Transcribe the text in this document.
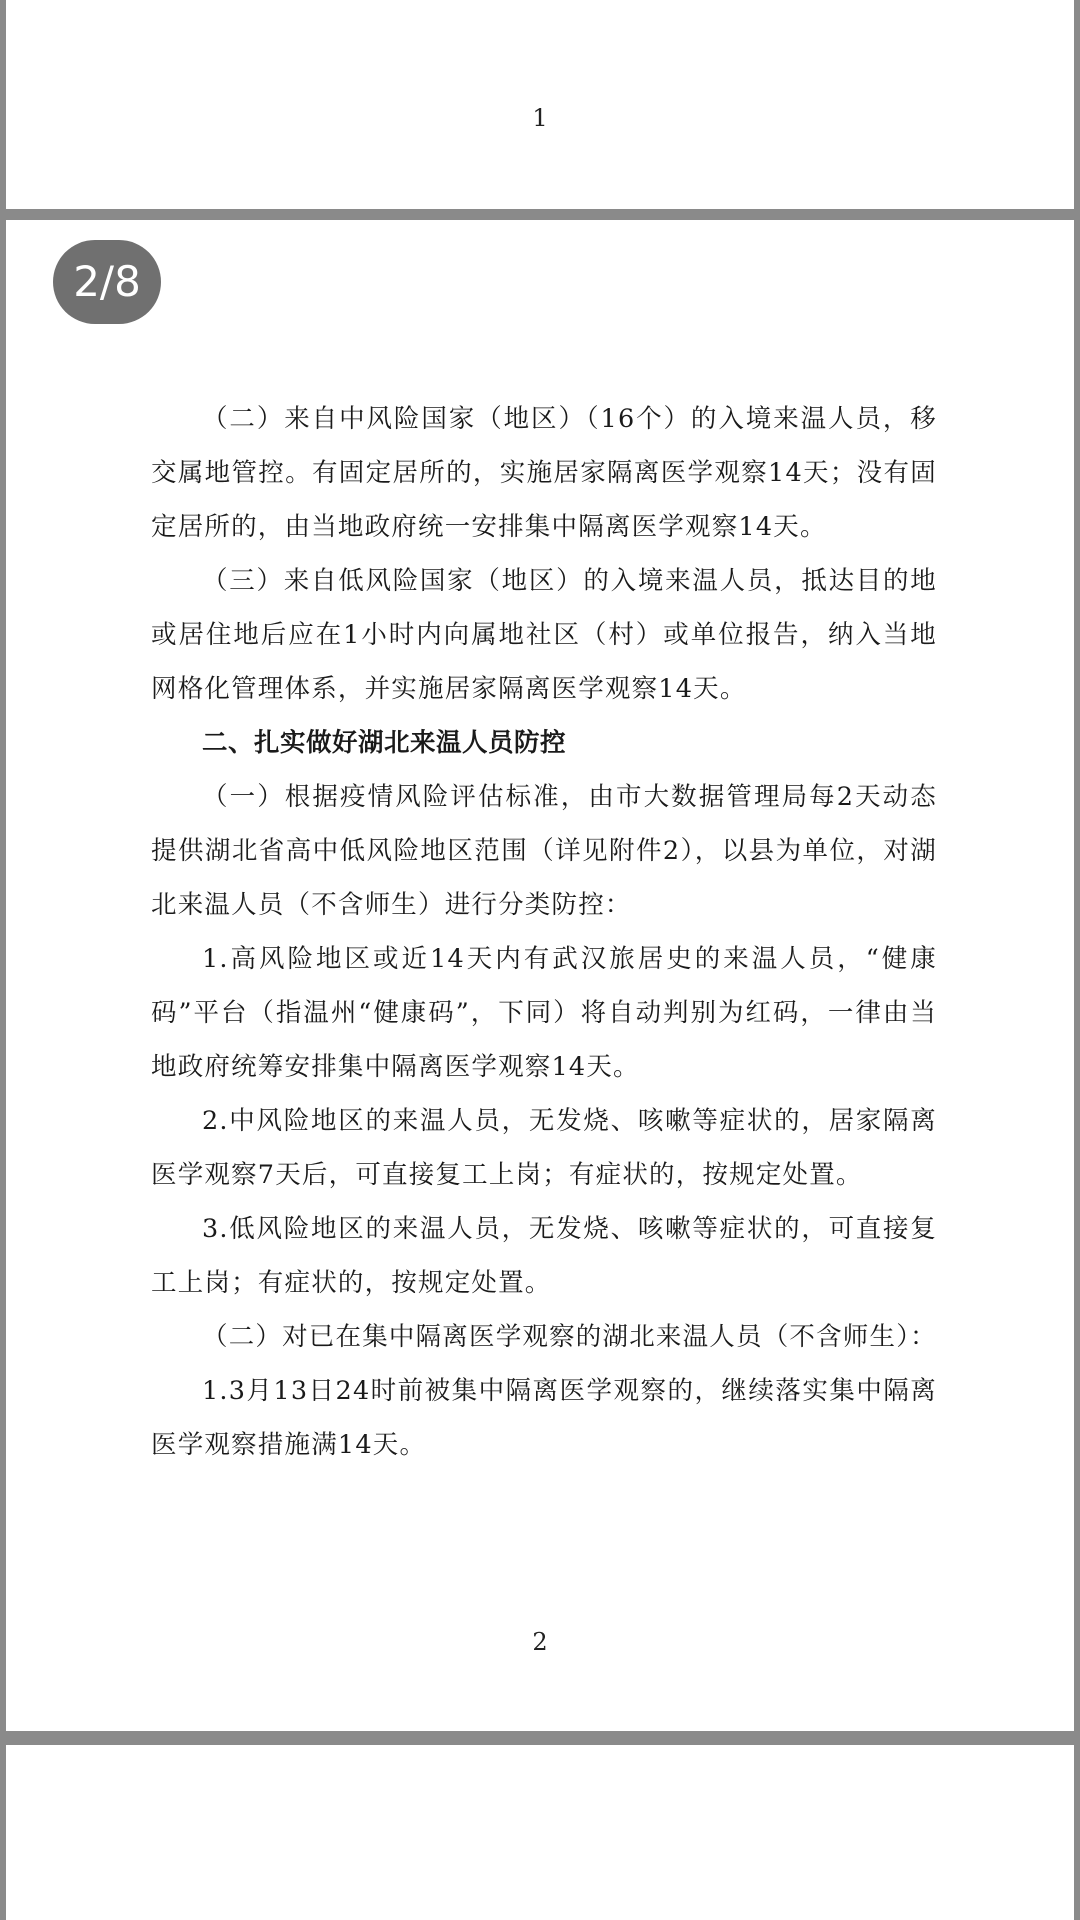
1

（二）来自中风险国家（地区）（16个）的入境来温人员，移交属地管控。有固定居所的，实施居家隔离医学观察14天；没有固定居所的，由当地政府统一安排集中隔离医学观察14天。

（三）来自低风险国家（地区）的入境来温人员，抵达目的地或居住地后应在1小时内向属地社区（村）或单位报告，纳入当地网格化管理体系，并实施居家隔离医学观察14天。

二、扎实做好湖北来温人员防控

（一）根据疫情风险评估标准，由市大数据管理局每2天动态提供湖北省高中低风险地区范围（详见附件2），以县为单位，对湖北来温人员（不含师生）进行分类防控：

1.高风险地区或近14天内有武汉旅居史的来温人员，“健康码”平台（指温州“健康码”，下同）将自动判别为红码，一律由当地政府统筹安排集中隔离医学观察14天。

2.中风险地区的来温人员，无发烧、咳嗽等症状的，居家隔离医学观察7天后，可直接复工上岗；有症状的，按规定处置。

3.低风险地区的来温人员，无发烧、咳嗽等症状的，可直接复工上岗；有症状的，按规定处置。

（二）对已在集中隔离医学观察的湖北来温人员（不含师生）：

1.3月13日24时前被集中隔离医学观察的，继续落实集中隔离医学观察措施满14天。

2
2/8
